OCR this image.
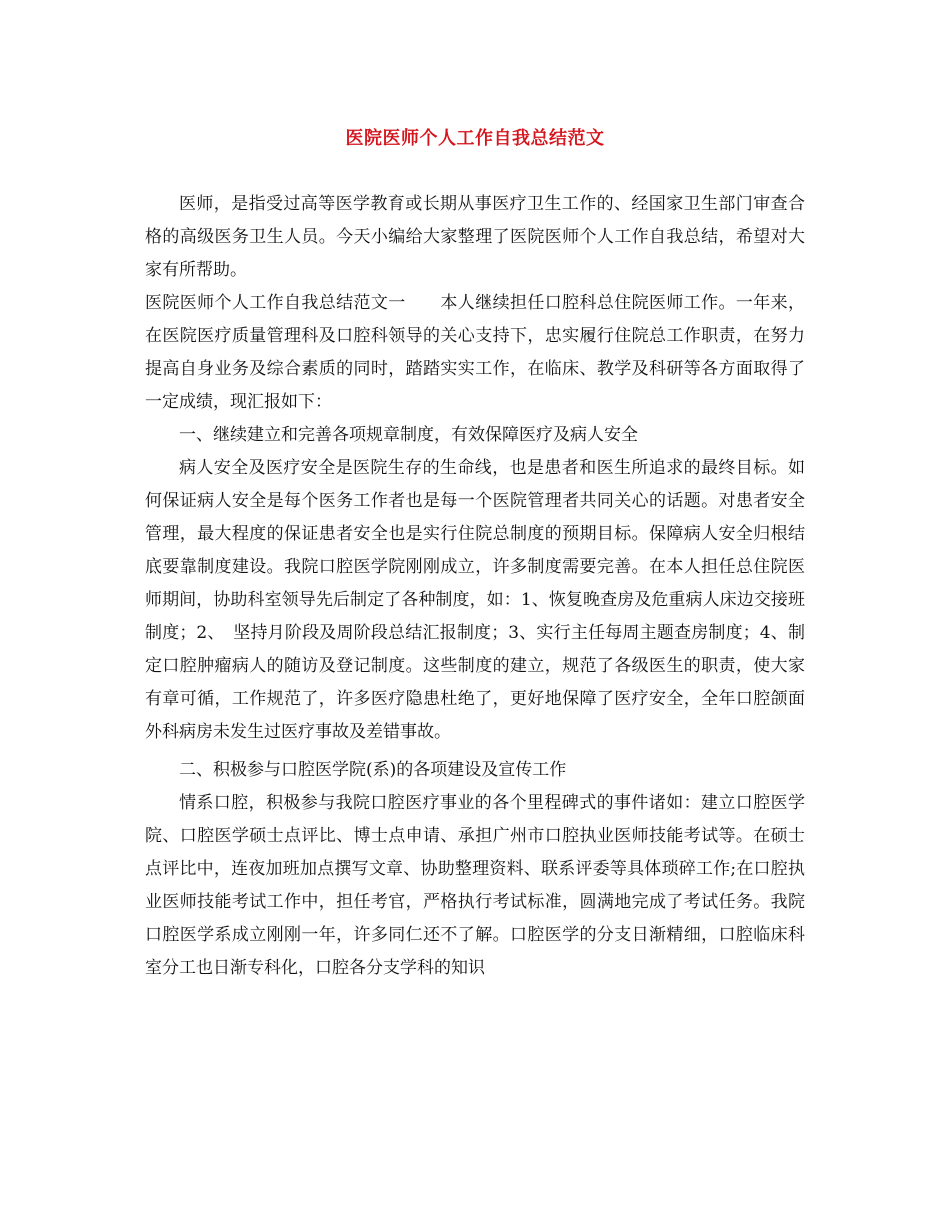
医院医师个人工作自我总结范文

医师，是指受过高等医学教育或长期从事医疗卫生工作的、经国家卫生部门审查合格的高级医务卫生人员。今天小编给大家整理了医院医师个人工作自我总结，希望对大家有所帮助。

医院医师个人工作自我总结范文一　　本人继续担任口腔科总住院医师工作。一年来，在医院医疗质量管理科及口腔科领导的关心支持下，忠实履行住院总工作职责，在努力提高自身业务及综合素质的同时，踏踏实实工作，在临床、教学及科研等各方面取得了一定成绩，现汇报如下：

一、继续建立和完善各项规章制度，有效保障医疗及病人安全

病人安全及医疗安全是医院生存的生命线，也是患者和医生所追求的最终目标。如何保证病人安全是每个医务工作者也是每一个医院管理者共同关心的话题。对患者安全管理，最大程度的保证患者安全也是实行住院总制度的预期目标。保障病人安全归根结底要靠制度建设。我院口腔医学院刚刚成立，许多制度需要完善。在本人担任总住院医师期间，协助科室领导先后制定了各种制度，如：1、恢复晚查房及危重病人床边交接班制度；2、　坚持月阶段及周阶段总结汇报制度；3、实行主任每周主题查房制度；4、制定口腔肿瘤病人的随访及登记制度。这些制度的建立，规范了各级医生的职责，使大家有章可循，工作规范了，许多医疗隐患杜绝了，更好地保障了医疗安全，全年口腔颌面外科病房未发生过医疗事故及差错事故。

二、积极参与口腔医学院(系)的各项建设及宣传工作

情系口腔，积极参与我院口腔医疗事业的各个里程碑式的事件诸如：建立口腔医学院、口腔医学硕士点评比、博士点申请、承担广州市口腔执业医师技能考试等。在硕士点评比中，连夜加班加点撰写文章、协助整理资料、联系评委等具体琐碎工作;在口腔执业医师技能考试工作中，担任考官，严格执行考试标准，圆满地完成了考试任务。我院口腔医学系成立刚刚一年，许多同仁还不了解。口腔医学的分支日渐精细，口腔临床科室分工也日渐专科化，口腔各分支学科的知识
